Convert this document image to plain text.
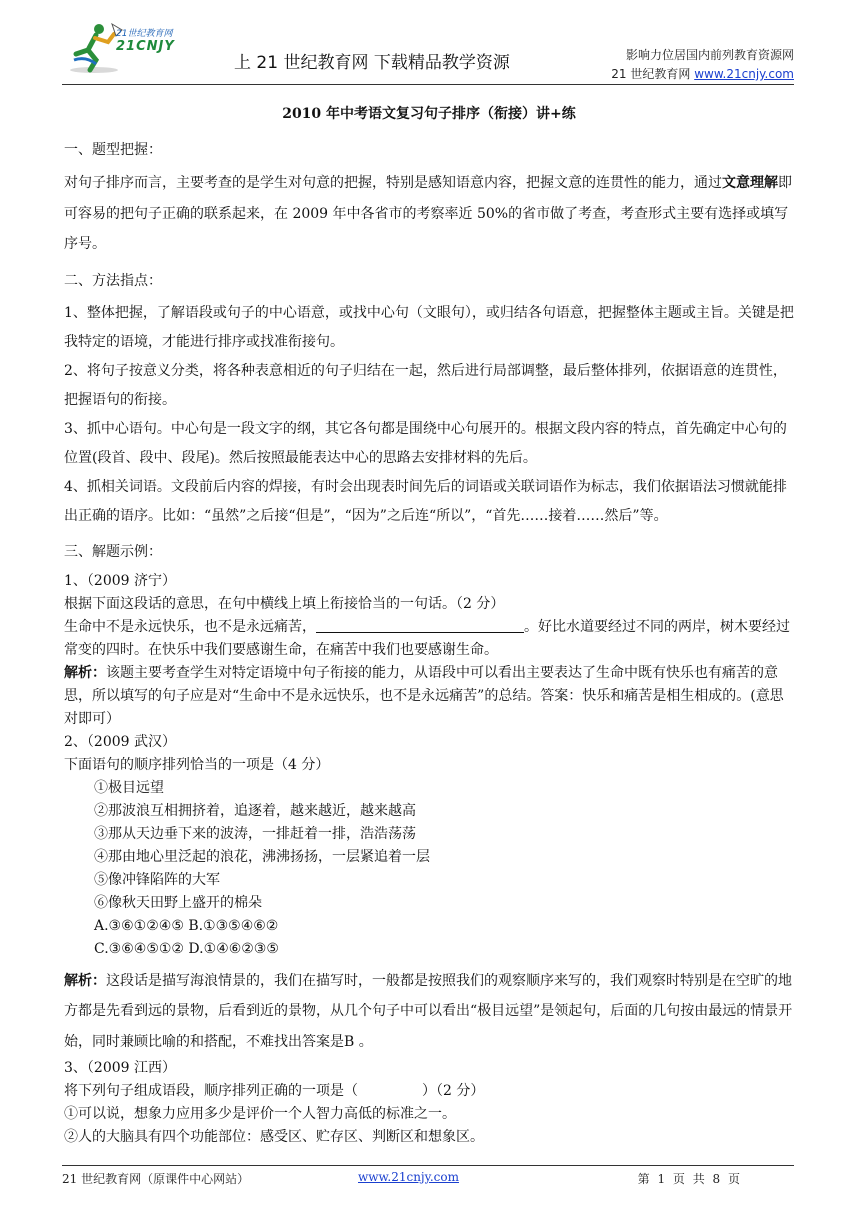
21世纪教育网
21CNJY
上 21 世纪教育网 下载精品教学资源	影响力位居国内前列教育资源网
21 世纪教育网 www.21cnjy.com
2010 年中考语文复习句子排序（衔接）讲+练

一、题型把握：

对句子排序而言，主要考查的是学生对句意的把握，特别是感知语意内容，把握文意的连贯性的能力，通过文意理解即可容易的把句子正确的联系起来，在 2009 年中各省市的考察率近 50%的省市做了考查，考查形式主要有选择或填写序号。

二、方法指点：

1、整体把握，了解语段或句子的中心语意，或找中心句（文眼句），或归结各句语意，把握整体主题或主旨。关键是把我特定的语境，才能进行排序或找准衔接句。

2、将句子按意义分类，将各种表意相近的句子归结在一起，然后进行局部调整，最后整体排列，依据语意的连贯性，把握语句的衔接。

3、抓中心语句。中心句是一段文字的纲，其它各句都是围绕中心句展开的。根据文段内容的特点，首先确定中心句的位置(段首、段中、段尾)。然后按照最能表达中心的思路去安排材料的先后。

4、抓相关词语。文段前后内容的焊接，有时会出现表时间先后的词语或关联词语作为标志，我们依据语法习惯就能排出正确的语序。比如：“虽然”之后接“但是”，“因为”之后连“所以”，“首先……接着……然后”等。

三、解题示例：

1、（2009 济宁）

根据下面这段话的意思，在句中横线上填上衔接恰当的一句话。（2 分）

生命中不是永远快乐，也不是永远痛苦，	。好比水道要经过不同的两岸，树木要经过常变的四时。在快乐中我们要感谢生命，在痛苦中我们也要感谢生命。

解析：该题主要考查学生对特定语境中句子衔接的能力，从语段中可以看出主要表达了生命中既有快乐也有痛苦的意思，所以填写的句子应是对“生命中不是永远快乐，也不是永远痛苦”的总结。答案：快乐和痛苦是相生相成的。(意思对即可）

2、（2009 武汉）

下面语句的顺序排列恰当的一项是（4 分）

①极目远望

②那波浪互相拥挤着，追逐着，越来越近，越来越高

③那从天边垂下来的波涛，一排赶着一排，浩浩荡荡

④那由地心里泛起的浪花，沸沸扬扬，一层紧追着一层

⑤像冲锋陷阵的大军

⑥像秋天田野上盛开的棉朵

A.③⑥①②④⑤ B.①③⑤④⑥②

C.③⑥④⑤①② D.①④⑥②③⑤

解析：这段话是描写海浪情景的，我们在描写时，一般都是按照我们的观察顺序来写的，我们观察时特别是在空旷的地方都是先看到远的景物，后看到近的景物，从几个句子中可以看出“极目远望”是领起句，后面的几句按由最远的情景开始，同时兼顾比喻的和搭配，不难找出答案是B 。

3、（2009 江西）

将下列句子组成语段，顺序排列正确的一项是（	）（2 分）

①可以说，想象力应用多少是评价一个人智力高低的标准之一。

②人的大脑具有四个功能部位：感受区、贮存区、判断区和想象区。

21 世纪教育网（原课件中心网站）	www.21cnjy.com	第 1 页 共 8 页
